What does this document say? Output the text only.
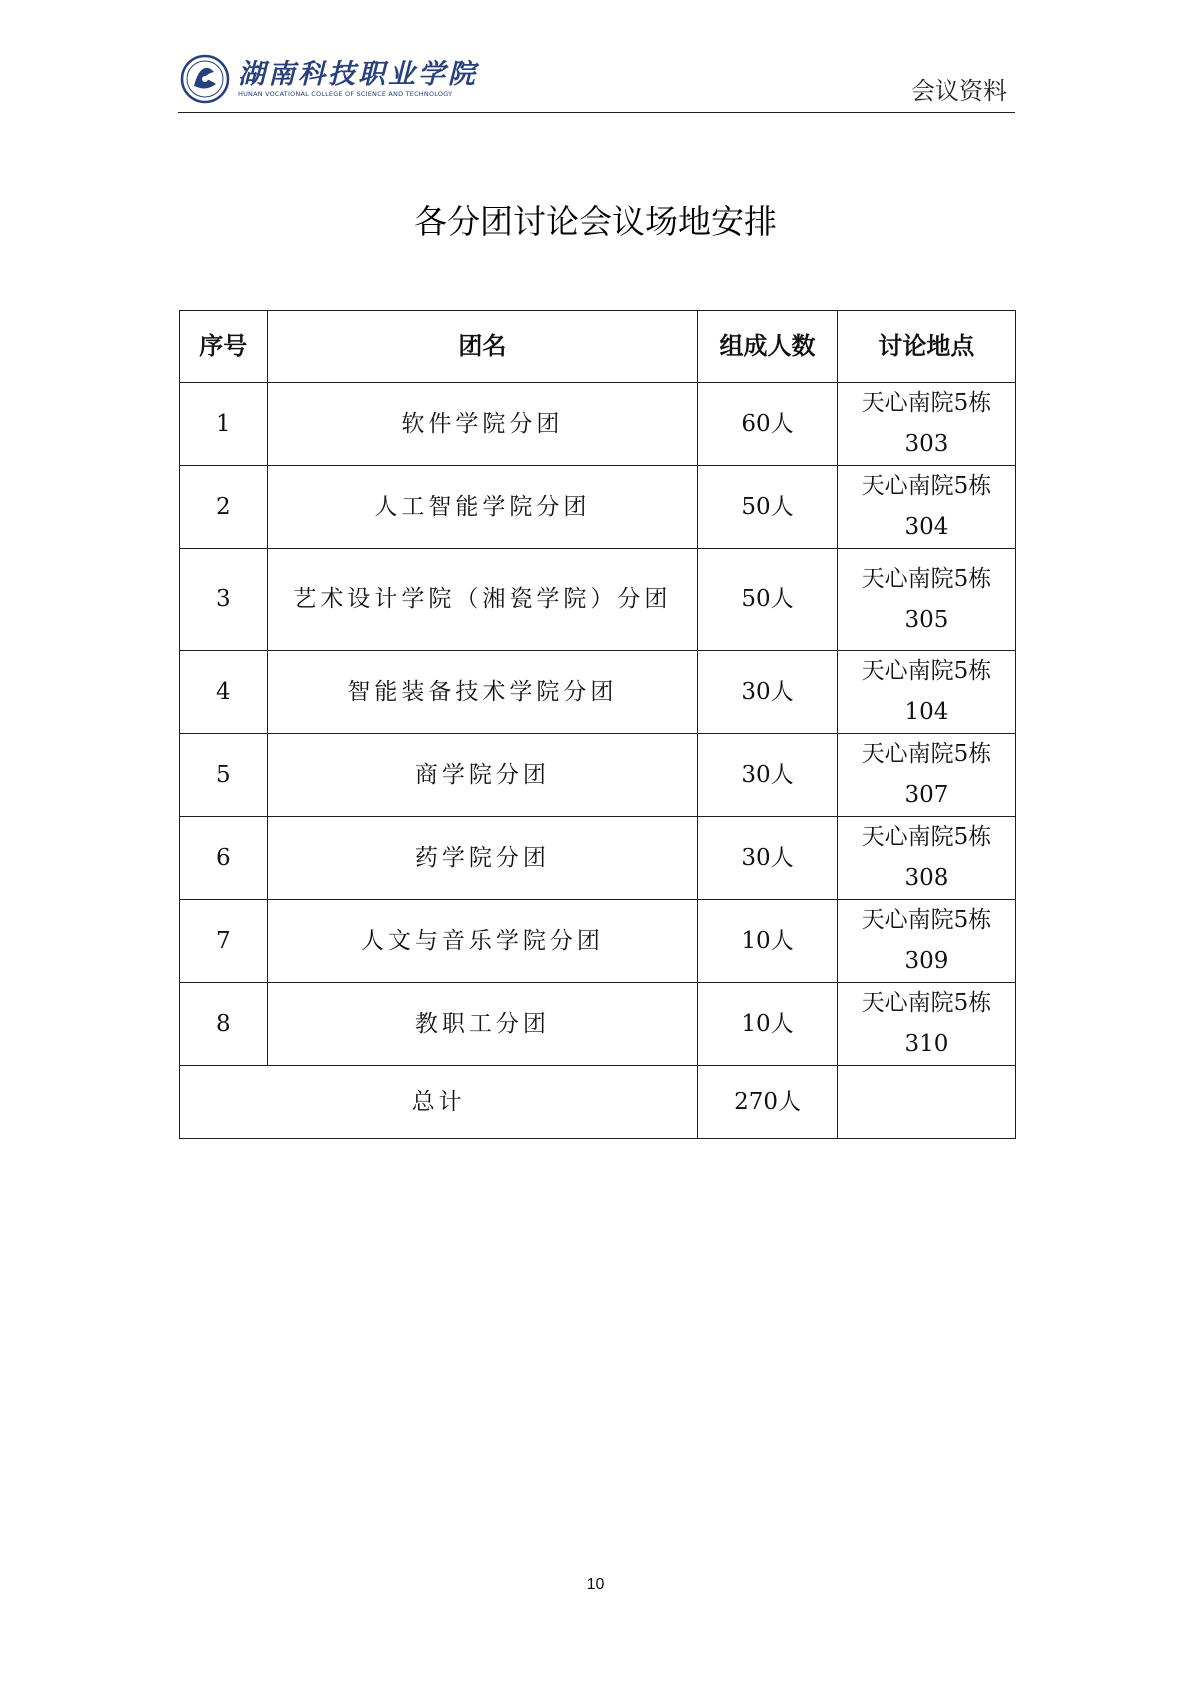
湖南科技职业学院
HUNAN VOCATIONAL COLLEGE OF SCIENCE AND TECHNOLOGY	会议资料
各分团讨论会议场地安排
序号	团名	组成人数	讨论地点
1	软件学院分团	60人	天心南院5栋
303

2	人工智能学院分团	50人	天心南院5栋
304

3	艺术设计学院（湘瓷学院）分团	50人	天心南院5栋
305

4	智能装备技术学院分团	30人	天心南院5栋
104

5	商学院分团	30人	天心南院5栋
307

6	药学院分团	30人	天心南院5栋
308

7	人文与音乐学院分团	10人	天心南院5栋
309

8	教职工分团	10人	天心南院5栋
310

总计		270人	
10
